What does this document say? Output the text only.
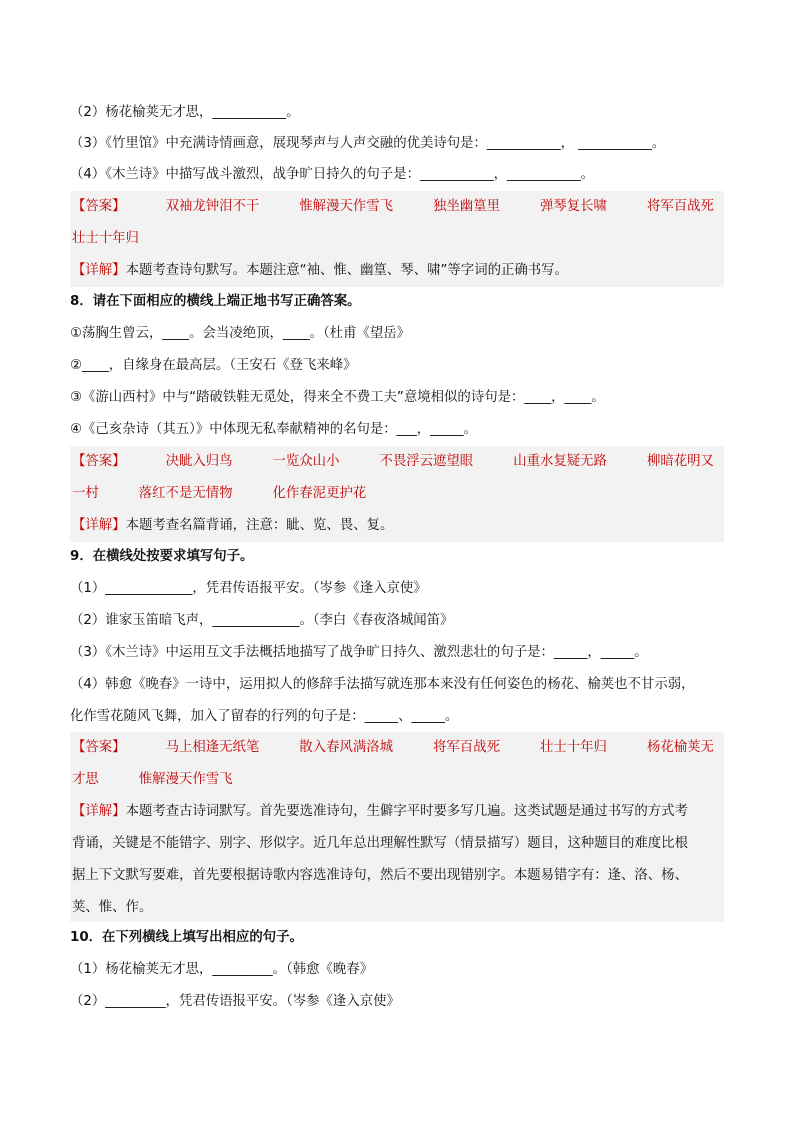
（2）杨花榆荚无才思，___________。
（3）《竹里馆》中充满诗情画意，展现琴声与人声交融的优美诗句是：___________， ___________。
（4）《木兰诗》中描写战斗激烈，战争旷日持久的句子是：___________，___________。
【答案】	双袖龙钟泪不干	惟解漫天作雪飞	独坐幽篁里	弹琴复长啸	将军百战死
壮士十年归
【详解】本题考查诗句默写。本题注意“袖、惟、幽篁、琴、啸”等字词的正确书写。
8．请在下面相应的横线上端正地书写正确答案。
①荡胸生曾云，____。会当凌绝顶，____。（杜甫《望岳》
②____，自缘身在最高层。（王安石《登飞来峰》
③《游山西村》中与“踏破铁鞋无觅处，得来全不费工夫”意境相似的诗句是：____，____。
④《己亥杂诗（其五）》中体现无私奉献精神的名句是：___，_____。
【答案】	决眦入归鸟	一览众山小	不畏浮云遮望眼	山重水复疑无路	柳暗花明又
一村	落红不是无情物	化作春泥更护花
【详解】本题考查名篇背诵，注意：眦、览、畏、复。
9．在横线处按要求填写句子。
（1）_____________，凭君传语报平安。（岑参《逢入京使》
（2）谁家玉笛暗飞声，_____________。（李白《春夜洛城闻笛》
（3）《木兰诗》中运用互文手法概括地描写了战争旷日持久、激烈悲壮的句子是：_____，_____。
（4）韩愈《晚春》一诗中，运用拟人的修辞手法描写就连那本来没有任何姿色的杨花、榆荚也不甘示弱，
化作雪花随风飞舞，加入了留春的行列的句子是：_____、_____。
【答案】	马上相逢无纸笔	散入春风满洛城	将军百战死	壮士十年归	杨花榆荚无
才思	惟解漫天作雪飞
【详解】本题考查古诗词默写。首先要选准诗句，生僻字平时要多写几遍。这类试题是通过书写的方式考
背诵，关键是不能错字、别字、形似字。近几年总出理解性默写（情景描写）题目，这种题目的难度比根
据上下文默写要难，首先要根据诗歌内容选准诗句，然后不要出现错别字。本题易错字有：逢、洛、杨、
荚、惟、作。
10．在下列横线上填写出相应的句子。
（1）杨花榆荚无才思，_________。（韩愈《晚春》
（2）_________，凭君传语报平安。（岑参《逢入京使》
